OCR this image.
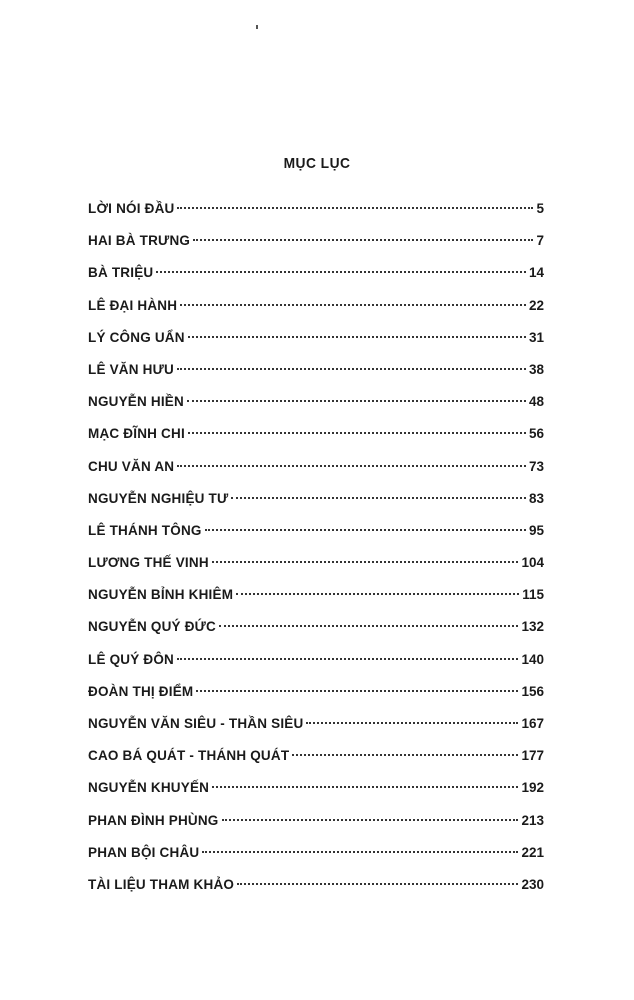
MỤC LỤC
LỜI NÓI ĐẦU	5
HAI BÀ TRƯNG	7
BÀ TRIỆU	14
LÊ ĐẠI HÀNH	22
LÝ CÔNG UẨN	31
LÊ VĂN HƯU	38
NGUYỄN HIỀN	48
MẠC ĐĨNH CHI	56
CHU VĂN AN	73
NGUYỄN NGHIỆU TƯ	83
LÊ THÁNH TÔNG	95
LƯƠNG THẾ VINH	104
NGUYỄN BỈNH KHIÊM	115
NGUYỄN QUÝ ĐỨC	132
LÊ QUÝ ĐÔN	140
ĐOÀN THỊ ĐIỂM	156
NGUYỄN VĂN SIÊU - THẦN SIÊU	167
CAO BÁ QUÁT - THÁNH QUÁT	177
NGUYỄN KHUYẾN	192
PHAN ĐÌNH PHÙNG	213
PHAN BỘI CHÂU	221
TÀI LIỆU THAM KHẢO	230
